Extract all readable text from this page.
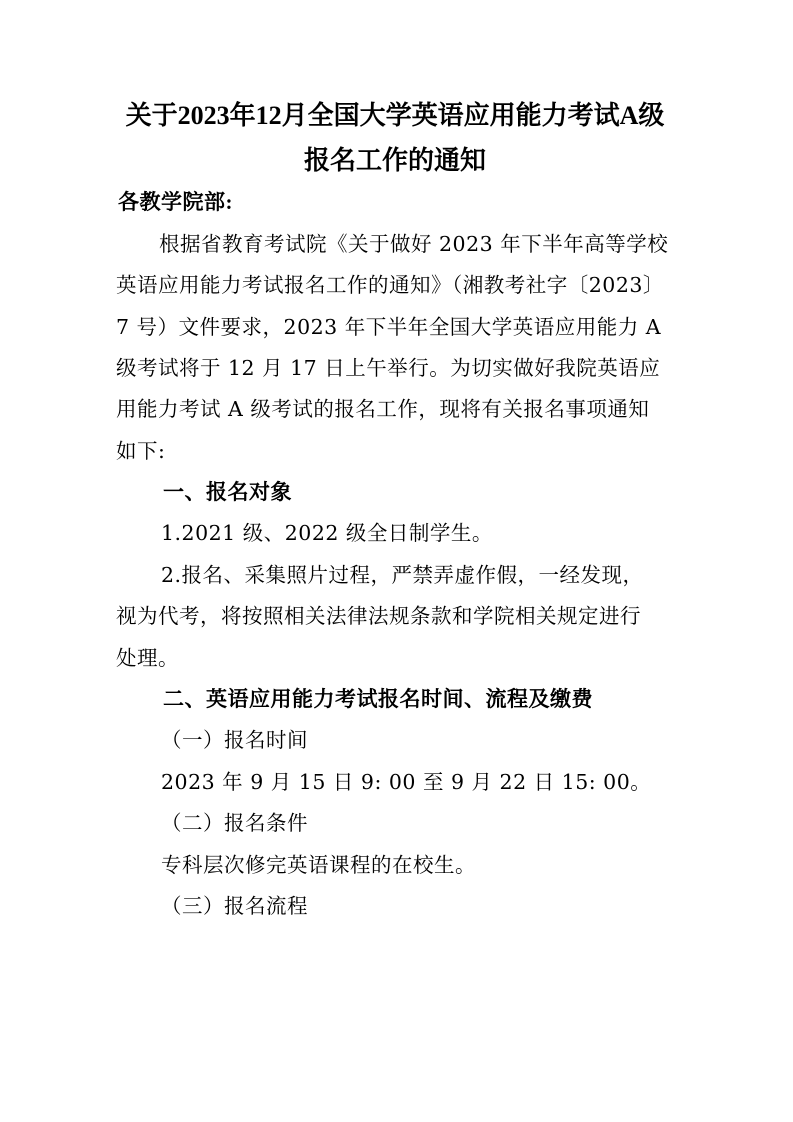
关于2023年12月全国大学英语应用能力考试A级
报名工作的通知
各教学院部:
根据省教育考试院《关于做好 2023 年下半年高等学校
英语应用能力考试报名工作的通知》（湘教考社字〔2023〕
7 号）文件要求，2023 年下半年全国大学英语应用能力 A
级考试将于 12 月 17 日上午举行。为切实做好我院英语应
用能力考试 A 级考试的报名工作，现将有关报名事项通知
如下:
一、报名对象
1.2021 级、2022 级全日制学生。
2.报名、采集照片过程，严禁弄虚作假，一经发现，
视为代考，将按照相关法律法规条款和学院相关规定进行
处理。
二、英语应用能力考试报名时间、流程及缴费
（一）报名时间
2023 年 9 月 15 日 9: 00 至 9 月 22 日 15: 00。
（二）报名条件
专科层次修完英语课程的在校生。
（三）报名流程
